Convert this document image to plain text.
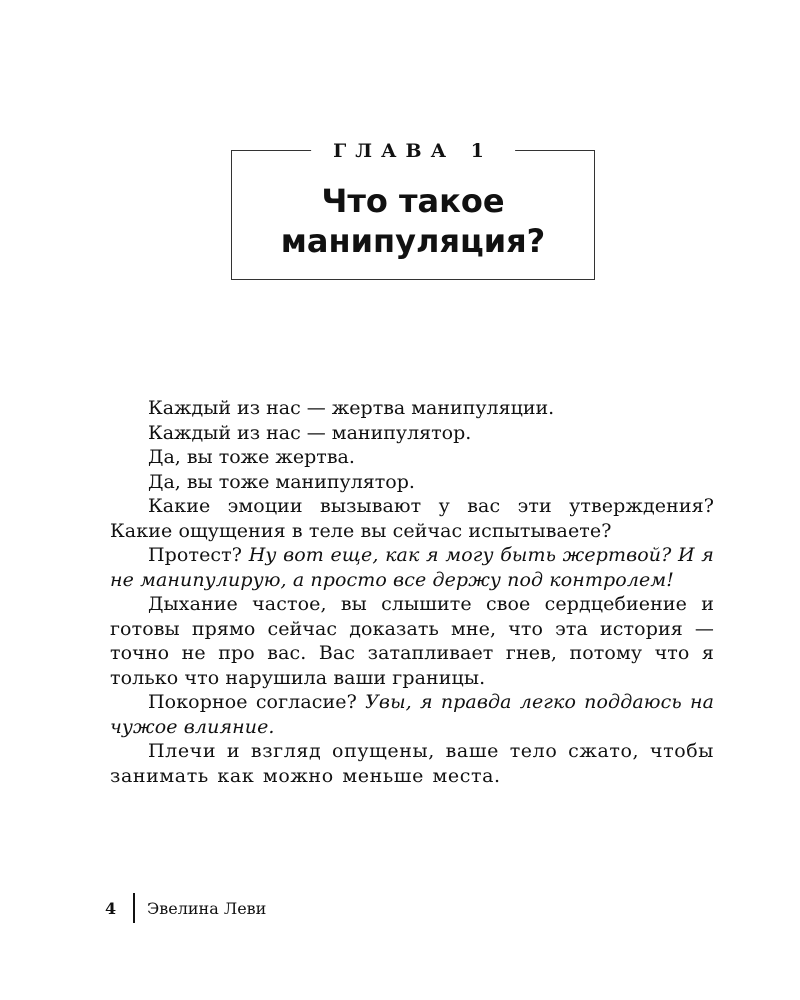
ГЛАВА 1
Что такое
манипуляция?

Каждый из нас — жертва манипуляции.

Каждый из нас — манипулятор.

Да, вы тоже жертва.

Да, вы тоже манипулятор.

Какие эмоции вызывают у вас эти утверждения? Какие ощущения в теле вы сейчас испытываете?

Протест? Ну вот еще, как я могу быть жертвой? И я не манипулирую, а просто все держу под контролем!

Дыхание частое, вы слышите свое сердцебиение и готовы прямо сейчас доказать мне, что эта история — точно не про вас. Вас затапливает гнев, потому что я только что нарушила ваши границы.

Покорное согласие? Увы, я правда легко поддаюсь на чужое влияние.

Плечи и взгляд опущены, ваше тело сжато, чтобы занимать как можно меньше места.

4 Эвелина Леви
